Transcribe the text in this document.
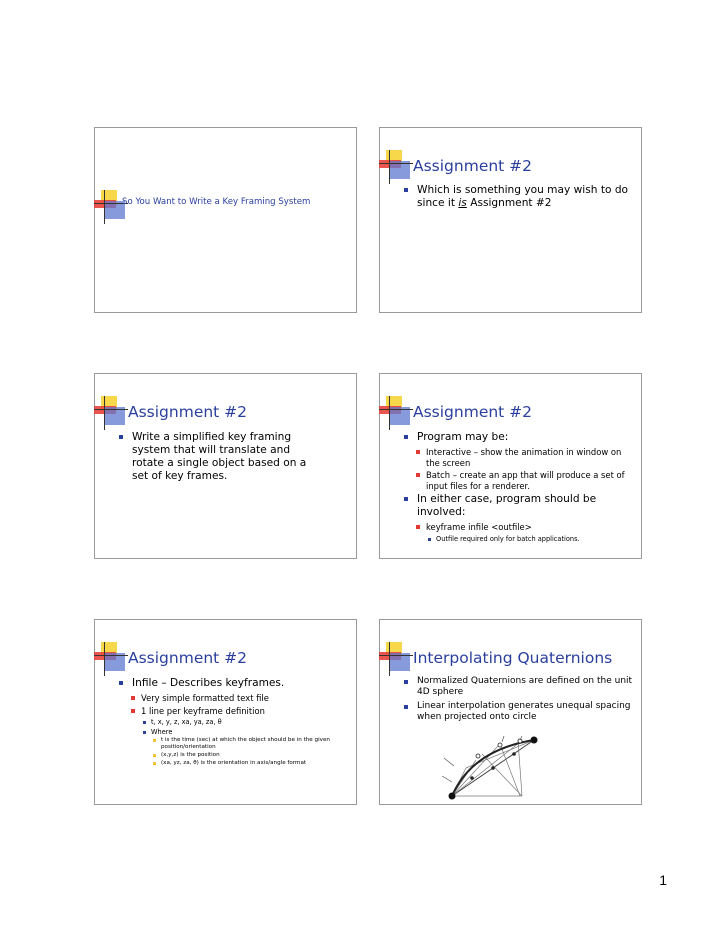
So You Want to Write a Key Framing System
Assignment #2
Which is something you may wish to do since it is Assignment #2
Assignment #2
Write a simplified key framing system that will translate and rotate a single object based on a set of key frames.
Assignment #2
Program may be:
Interactive – show the animation in window on the screen
Batch – create an app that will produce a set of input files for a renderer.
In either case, program should be involved:
keyframe infile <outfile>
Outfile required only for batch applications.
Assignment #2
Infile – Describes keyframes.
Very simple formatted text file
1 line per keyframe definition
t, x, y, z, xa, ya, za, θ
Where
t is the time (sec) at which the object should be in the given position/orientation
(x,y,z) is the position
(xa, yz, za, θ) is the orientation in axis/angle format
Interpolating Quaternions
Normalized Quaternions are defined on the unit 4D sphere
Linear interpolation generates unequal spacing when projected onto circle
1
